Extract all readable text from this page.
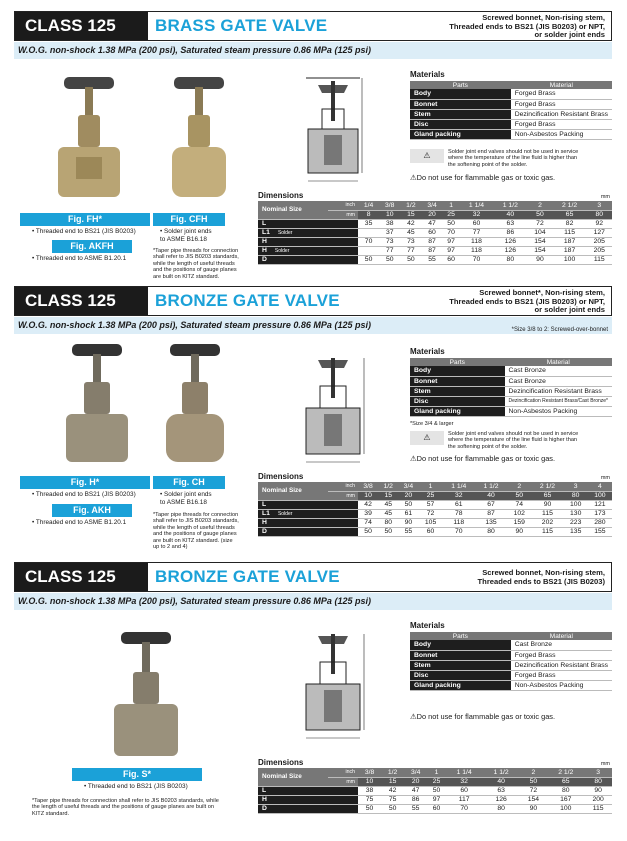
CLASS 125	BRASS GATE VALVE	Screwed bonnet, Non-rising stem,
Threaded ends to BS21 (JIS B0203) or NPT,
or solder joint ends
W.O.G. non-shock 1.38 MPa (200 psi), Saturated steam pressure 0.86 MPa (125 psi)
Fig. FH*
• Threaded end to BS21 (JIS B0203)
Fig. CFH
• Solder joint ends
to ASME B16.18
Fig. AKFH
• Threaded end to ASME B1.20.1
*Taper pipe threads for connection
shall refer to JIS B0203 standards,
while the length of useful threads
and the positions of gauge planes
are built on KITZ standard.
Materials
Parts	Material
Body	Forged Brass
Bonnet	Forged Brass
Stem	Dezincification Resistant Brass
Disc	Forged Brass
Gland packing	Non-Asbestos Packing
⚠	Solder joint end valves should not be used in service
where the temperature of the line fluid is higher than
the softening point of the solder.
⚠Do not use for flammable gas or toxic gas.
Dimensions	mm
Nominal Size	inch	1/4	3/8	1/2	3/4	1	1 1/4	1 1/2	2	2 1/2	3
	mm	8	10	15	20	25	32	40	50	65	80
L		35	38	42	47	50	60	63	72	82	92
L1 Solder			37	45	60	70	77	86	104	115	127
H		70	73	73	87	97	118	126	154	187	205
H Solder			77	77	87	97	118	126	154	187	205
D		50	50	50	55	60	70	80	90	100	115
CLASS 125	BRONZE GATE VALVE	Screwed bonnet*, Non-rising stem,
Threaded ends to BS21 (JIS B0203) or NPT,
or solder joint ends
W.O.G. non-shock 1.38 MPa (200 psi), Saturated steam pressure 0.86 MPa (125 psi)	*Size 3/8 to 2: Screwed-over-bonnet
Fig. H*
• Threaded end to BS21 (JIS B0203)
Fig. CH
• Solder joint ends
to ASME B16.18
Fig. AKH
• Threaded end to ASME B1.20.1
*Taper pipe threads for connection
shall refer to JIS B0203 standards,
while the length of useful threads
and the positions of gauge planes
are built on KITZ standard. (size
up to 2 and 4)
Materials
Parts	Material
Body	Cast Bronze
Bonnet	Cast Bronze
Stem	Dezincification Resistant Brass
Disc	Dezincification Resistant Brass/Cast Bronze*
Gland packing	Non-Asbestos Packing
*Size 3/4 & larger
⚠	Solder joint end valves should not be used in service
where the temperature of the line fluid is higher than
the softening point of the solder.
⚠Do not use for flammable gas or toxic gas.
Dimensions	mm
Nominal Size	inch	3/8	1/2	3/4	1	1 1/4	1 1/2	2	2 1/2	3	4
	mm	10	15	20	25	32	40	50	65	80	100
L		42	45	50	57	61	67	74	90	100	121
L1 Solder		39	45	61	72	78	87	102	115	130	173
H		74	80	90	105	118	135	159	202	223	280
D		50	50	55	60	70	80	90	115	135	155
CLASS 125	BRONZE GATE VALVE	Screwed bonnet, Non-rising stem,
Threaded ends to BS21 (JIS B0203)
W.O.G. non-shock 1.38 MPa (200 psi), Saturated steam pressure 0.86 MPa (125 psi)
Fig. S*
• Threaded end to BS21 (JIS B0203)
*Taper pipe threads for connection shall refer to JIS B0203 standards, while
the length of useful threads and the positions of gauge planes are built on
KITZ standard.
Materials
Parts	Material
Body	Cast Bronze
Bonnet	Forged Brass
Stem	Dezincification Resistant Brass
Disc	Forged Brass
Gland packing	Non-Asbestos Packing
⚠Do not use for flammable gas or toxic gas.
Dimensions	mm
Nominal Size	inch	3/8	1/2	3/4	1	1 1/4	1 1/2	2	2 1/2	3
	mm	10	15	20	25	32	40	50	65	80
L		38	42	47	50	60	63	72	80	90
H		75	75	86	97	117	126	154	167	200
D		50	50	55	60	70	80	90	100	115
